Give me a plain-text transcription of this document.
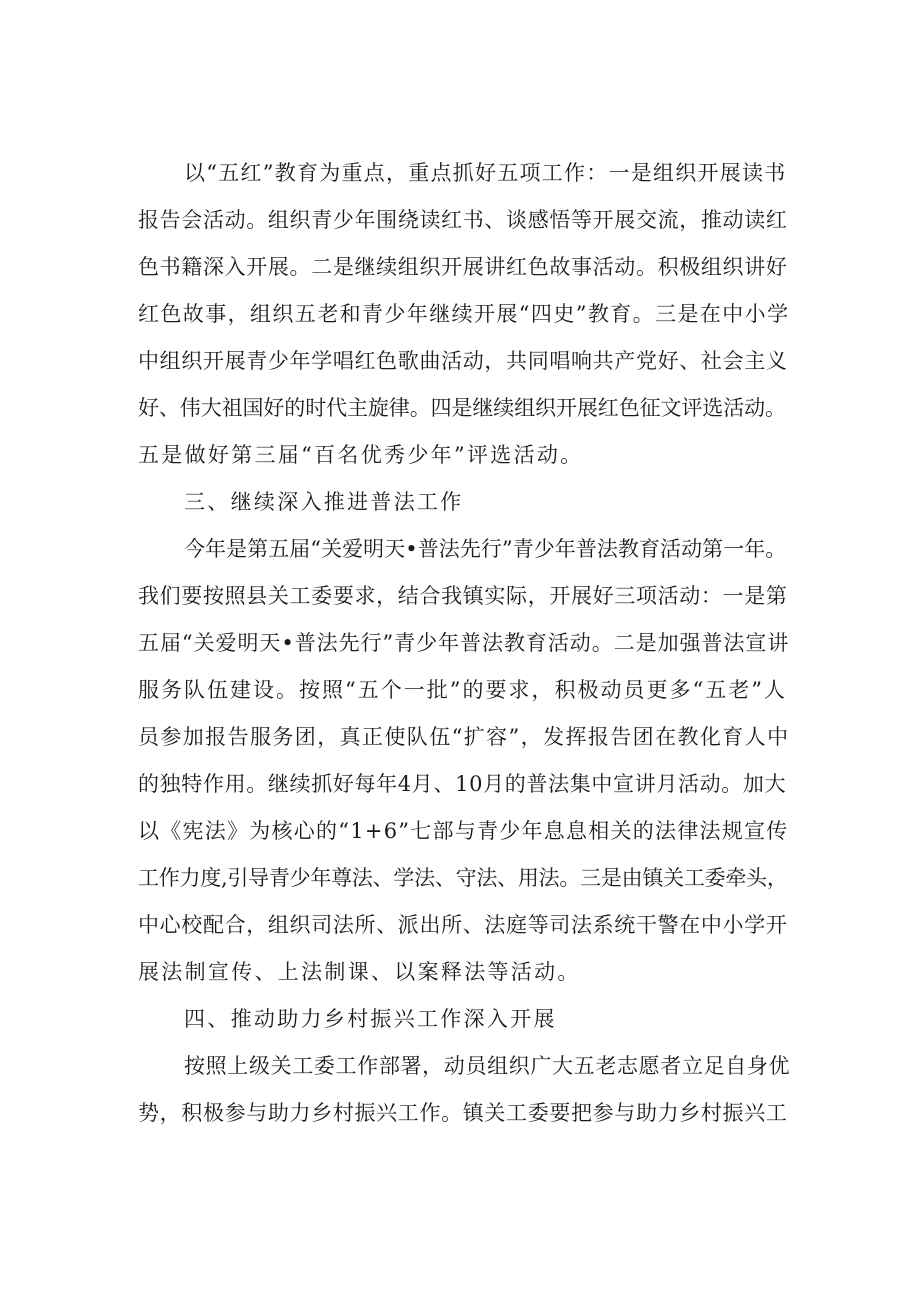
以“五红”教育为重点，重点抓好五项工作：一是组织开展读书

报告会活动。组织青少年围绕读红书、谈感悟等开展交流，推动读红

色书籍深入开展。二是继续组织开展讲红色故事活动。积极组织讲好

红色故事，组织五老和青少年继续开展“四史”教育。三是在中小学

中组织开展青少年学唱红色歌曲活动，共同唱响共产党好、社会主义

好、伟大祖国好的时代主旋律。四是继续组织开展红色征文评选活动。

五是做好第三届“百名优秀少年”评选活动。

三、继续深入推进普法工作

今年是第五届“关爱明天•普法先行”青少年普法教育活动第一年。

我们要按照县关工委要求，结合我镇实际，开展好三项活动：一是第

五届“关爱明天•普法先行”青少年普法教育活动。二是加强普法宣讲

服务队伍建设。按照“五个一批”的要求，积极动员更多“五老”人

员参加报告服务团，真正使队伍“扩容”，发挥报告团在教化育人中

的独特作用。继续抓好每年4月、10月的普法集中宣讲月活动。加大

以《宪法》为核心的“1+6”七部与青少年息息相关的法律法规宣传

工作力度,引导青少年尊法、学法、守法、用法。三是由镇关工委牵头，

中心校配合，组织司法所、派出所、法庭等司法系统干警在中小学开

展法制宣传、上法制课、以案释法等活动。

四、推动助力乡村振兴工作深入开展

按照上级关工委工作部署，动员组织广大五老志愿者立足自身优

势，积极参与助力乡村振兴工作。镇关工委要把参与助力乡村振兴工
